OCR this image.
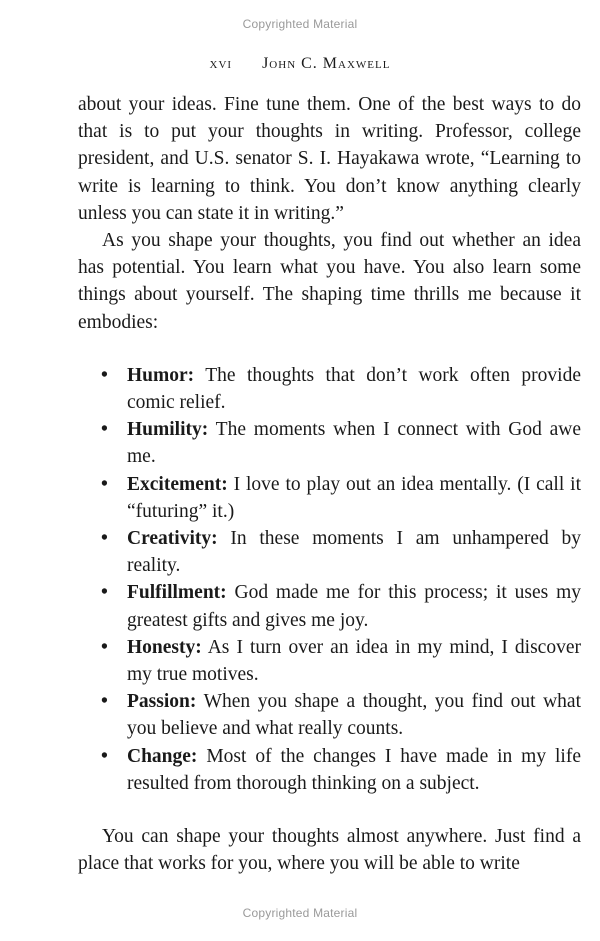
Copyrighted Material
xvi John C. Maxwell

about your ideas. Fine tune them. One of the best ways to do that is to put your thoughts in writing. Professor, college president, and U.S. senator S. I. Hayakawa wrote, “Learning to write is learning to think. You don’t know anything clearly unless you can state it in writing.”

As you shape your thoughts, you find out whether an idea has potential. You learn what you have. You also learn some things about yourself. The shaping time thrills me because it embodies:

• Humor: The thoughts that don’t work often provide comic relief.
• Humility: The moments when I connect with God awe me.
• Excitement: I love to play out an idea mentally. (I call it “futuring” it.)
• Creativity: In these moments I am unhampered by reality.
• Fulfillment: God made me for this process; it uses my greatest gifts and gives me joy.
• Honesty: As I turn over an idea in my mind, I discover my true motives.
• Passion: When you shape a thought, you find out what you believe and what really counts.
• Change: Most of the changes I have made in my life resulted from thorough thinking on a subject.

You can shape your thoughts almost anywhere. Just find a place that works for you, where you will be able to write

Copyrighted Material
